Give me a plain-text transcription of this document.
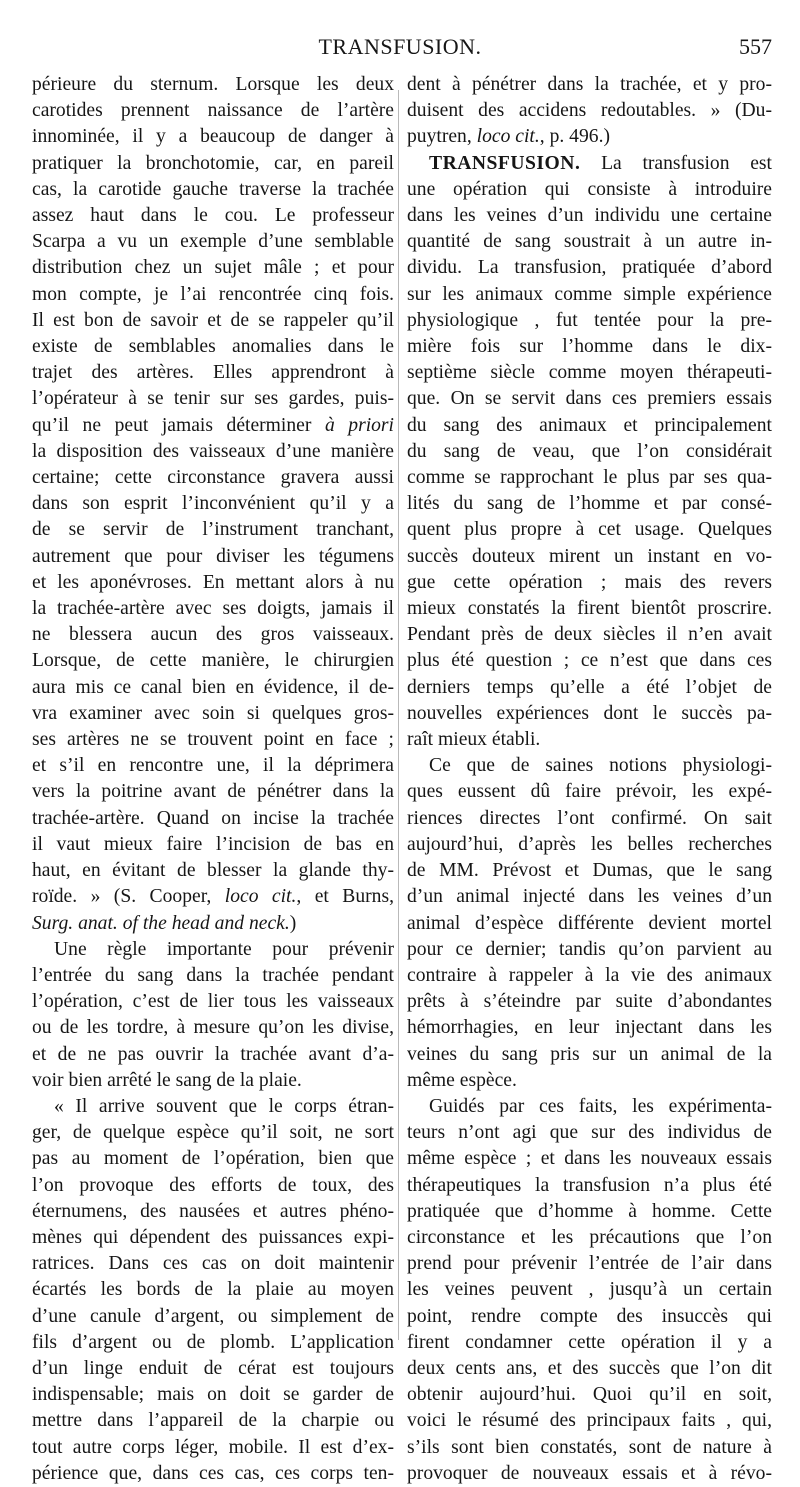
TRANSFUSION.	557
périeure du sternum. Lorsque les deux
carotides prennent naissance de l’artère
innominée, il y a beaucoup de danger à
pratiquer la bronchotomie, car, en pareil
cas, la carotide gauche traverse la trachée
assez haut dans le cou. Le professeur
Scarpa a vu un exemple d’une semblable
distribution chez un sujet mâle ; et pour
mon compte, je l’ai rencontrée cinq fois.
Il est bon de savoir et de se rappeler qu’il
existe de semblables anomalies dans le
trajet des artères. Elles apprendront à
l’opérateur à se tenir sur ses gardes, puis-
qu’il ne peut jamais déterminer à priori
la disposition des vaisseaux d’une manière
certaine; cette circonstance gravera aussi
dans son esprit l’inconvénient qu’il y a
de se servir de l’instrument tranchant,
autrement que pour diviser les tégumens
et les aponévroses. En mettant alors à nu
la trachée-artère avec ses doigts, jamais il
ne blessera aucun des gros vaisseaux.
Lorsque, de cette manière, le chirurgien
aura mis ce canal bien en évidence, il de-
vra examiner avec soin si quelques gros-
ses artères ne se trouvent point en face ;
et s’il en rencontre une, il la déprimera
vers la poitrine avant de pénétrer dans la
trachée-artère. Quand on incise la trachée
il vaut mieux faire l’incision de bas en
haut, en évitant de blesser la glande thy-
roïde. » (S. Cooper, loco cit., et Burns,
Surg. anat. of the head and neck.)
Une règle importante pour prévenir
l’entrée du sang dans la trachée pendant
l’opération, c’est de lier tous les vaisseaux
ou de les tordre, à mesure qu’on les divise,
et de ne pas ouvrir la trachée avant d’a-
voir bien arrêté le sang de la plaie.
« Il arrive souvent que le corps étran-
ger, de quelque espèce qu’il soit, ne sort
pas au moment de l’opération, bien que
l’on provoque des efforts de toux, des
éternumens, des nausées et autres phéno-
mènes qui dépendent des puissances expi-
ratrices. Dans ces cas on doit maintenir
écartés les bords de la plaie au moyen
d’une canule d’argent, ou simplement de
fils d’argent ou de plomb. L’application
d’un linge enduit de cérat est toujours
indispensable; mais on doit se garder de
mettre dans l’appareil de la charpie ou
tout autre corps léger, mobile. Il est d’ex-
périence que, dans ces cas, ces corps ten-
dent à pénétrer dans la trachée, et y pro-
duisent des accidens redoutables. » (Du-
puytren, loco cit., p. 496.)
TRANSFUSION. La transfusion est
une opération qui consiste à introduire
dans les veines d’un individu une certaine
quantité de sang soustrait à un autre in-
dividu. La transfusion, pratiquée d’abord
sur les animaux comme simple expérience
physiologique , fut tentée pour la pre-
mière fois sur l’homme dans le dix-
septième siècle comme moyen thérapeuti-
que. On se servit dans ces premiers essais
du sang des animaux et principalement
du sang de veau, que l’on considérait
comme se rapprochant le plus par ses qua-
lités du sang de l’homme et par consé-
quent plus propre à cet usage. Quelques
succès douteux mirent un instant en vo-
gue cette opération ; mais des revers
mieux constatés la firent bientôt proscrire.
Pendant près de deux siècles il n’en avait
plus été question ; ce n’est que dans ces
derniers temps qu’elle a été l’objet de
nouvelles expériences dont le succès pa-
raît mieux établi.
Ce que de saines notions physiologi-
ques eussent dû faire prévoir, les expé-
riences directes l’ont confirmé. On sait
aujourd’hui, d’après les belles recherches
de MM. Prévost et Dumas, que le sang
d’un animal injecté dans les veines d’un
animal d’espèce différente devient mortel
pour ce dernier; tandis qu’on parvient au
contraire à rappeler à la vie des animaux
prêts à s’éteindre par suite d’abondantes
hémorrhagies, en leur injectant dans les
veines du sang pris sur un animal de la
même espèce.
Guidés par ces faits, les expérimenta-
teurs n’ont agi que sur des individus de
même espèce ; et dans les nouveaux essais
thérapeutiques la transfusion n’a plus été
pratiquée que d’homme à homme. Cette
circonstance et les précautions que l’on
prend pour prévenir l’entrée de l’air dans
les veines peuvent , jusqu’à un certain
point, rendre compte des insuccès qui
firent condamner cette opération il y a
deux cents ans, et des succès que l’on dit
obtenir aujourd’hui. Quoi qu’il en soit,
voici le résumé des principaux faits , qui,
s’ils sont bien constatés, sont de nature à
provoquer de nouveaux essais et à révo-
